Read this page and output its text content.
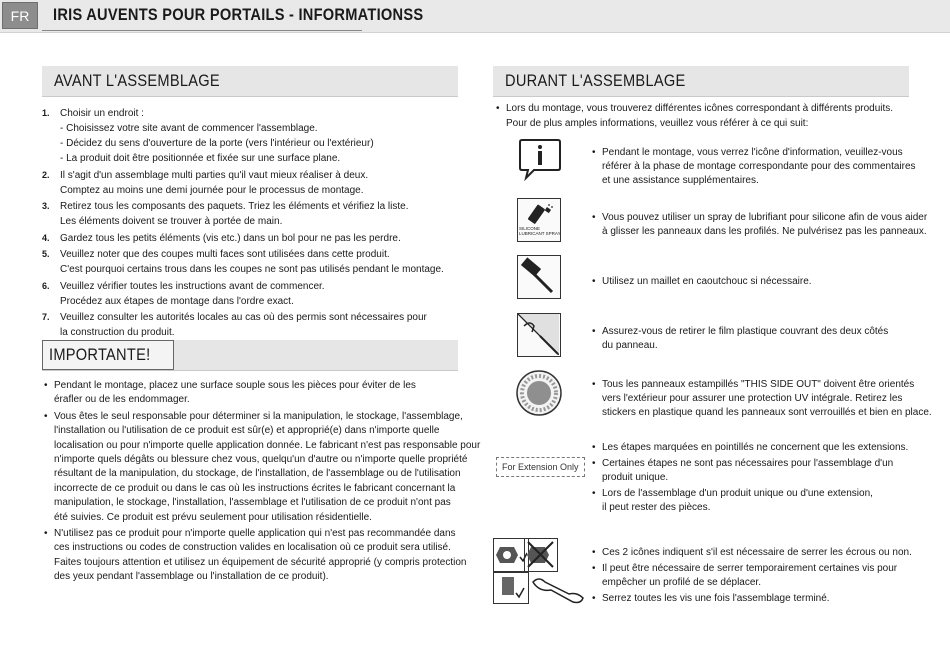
FR	IRIS AUVENTS POUR PORTAILS - INFORMATIONSS
AVANT L'ASSEMBLAGE
1. Choisir un endroit :
- Choisissez votre site avant de commencer l'assemblage.
- Décidez du sens d'ouverture de la porte (vers l'intérieur ou l'extérieur)
- La produit doit être positionnée et fixée sur une surface plane.
2. Il s'agit d'un assemblage multi parties qu'il vaut mieux réaliser à deux.
Comptez au moins une demi journée pour le processus de montage.
3. Retirez tous les composants des paquets. Triez les éléments et vérifiez la liste.
Les éléments doivent se trouver à portée de main.
4. Gardez tous les petits éléments (vis etc.) dans un bol pour ne pas les perdre.
5. Veuillez noter que des coupes multi faces sont utilisées dans cette produit.
C'est pourquoi certains trous dans les coupes ne sont pas utilisés pendant le montage.
6. Veuillez vérifier toutes les instructions avant de commencer.
Procédez aux étapes de montage dans l'ordre exact.
7. Veuillez consulter les autorités locales au cas où des permis sont nécessaires pour
la construction du produit.
IMPORTANTE!
• Pendant le montage, placez une surface souple sous les pièces pour éviter de les
érafler ou de les endommager.
• Vous êtes le seul responsable pour déterminer si la manipulation, le stockage, l'assemblage,
l'installation ou l'utilisation de ce produit est sûr(e) et approprié(e) dans n'importe quelle
localisation ou pour n'importe quelle application donnée. Le fabricant n'est pas responsable pour
n'importe quels dégâts ou blessure chez vous, quelqu'un d'autre ou n'importe quelle propriété
résultant de la manipulation, du stockage, de l'installation, de l'assemblage ou de l'utilisation
incorrecte de ce produit ou dans le cas où les instructions écrites le fabricant concernant la
manipulation, le stockage, l'installation, l'assemblage et l'utilisation de ce produit n'ont pas
été suivies. Ce produit est prévu seulement pour utilisation résidentielle.
• N'utilisez pas ce produit pour n'importe quelle application qui n'est pas recommandée dans
ces instructions ou codes de construction valides en localisation où ce produit sera utilisé.
Faites toujours attention et utilisez un équipement de sécurité approprié (y compris protection
des yeux pendant l'assemblage ou l'installation de ce produit).
DURANT L'ASSEMBLAGE
• Lors du montage, vous trouverez différentes icônes correspondant à différents produits.
Pour de plus amples informations, veuillez vous référer à ce qui suit:
• Pendant le montage, vous verrez l'icône d'information, veuillez-vous
référer à la phase de montage correspondante pour des commentaires
et une assistance supplémentaires.
SILICONE
LUBRICANT SPRAY
• Vous pouvez utiliser un spray de lubrifiant pour silicone afin de vous aider
à glisser les panneaux dans les profilés. Ne pulvérisez pas les panneaux.
• Utilisez un maillet en caoutchouc si nécessaire.
• Assurez-vous de retirer le film plastique couvrant des deux côtés
du panneau.
• Tous les panneaux estampillés "THIS SIDE OUT" doivent être orientés
vers l'extérieur pour assurer une protection UV intégrale. Retirez les
stickers en plastique quand les panneaux sont verrouillés et bien en place.
For Extension Only
• Les étapes marquées en pointillés ne concernent que les extensions.
• Certaines étapes ne sont pas nécessaires pour l'assemblage d'un
produit unique.
• Lors de l'assemblage d'un produit unique ou d'une extension,
il peut rester des pièces.
• Ces 2 icônes indiquent s'il est nécessaire de serrer les écrous ou non.
• Il peut être nécessaire de serrer temporairement certaines vis pour
empêcher un profilé de se déplacer.
• Serrez toutes les vis une fois l'assemblage terminé.
